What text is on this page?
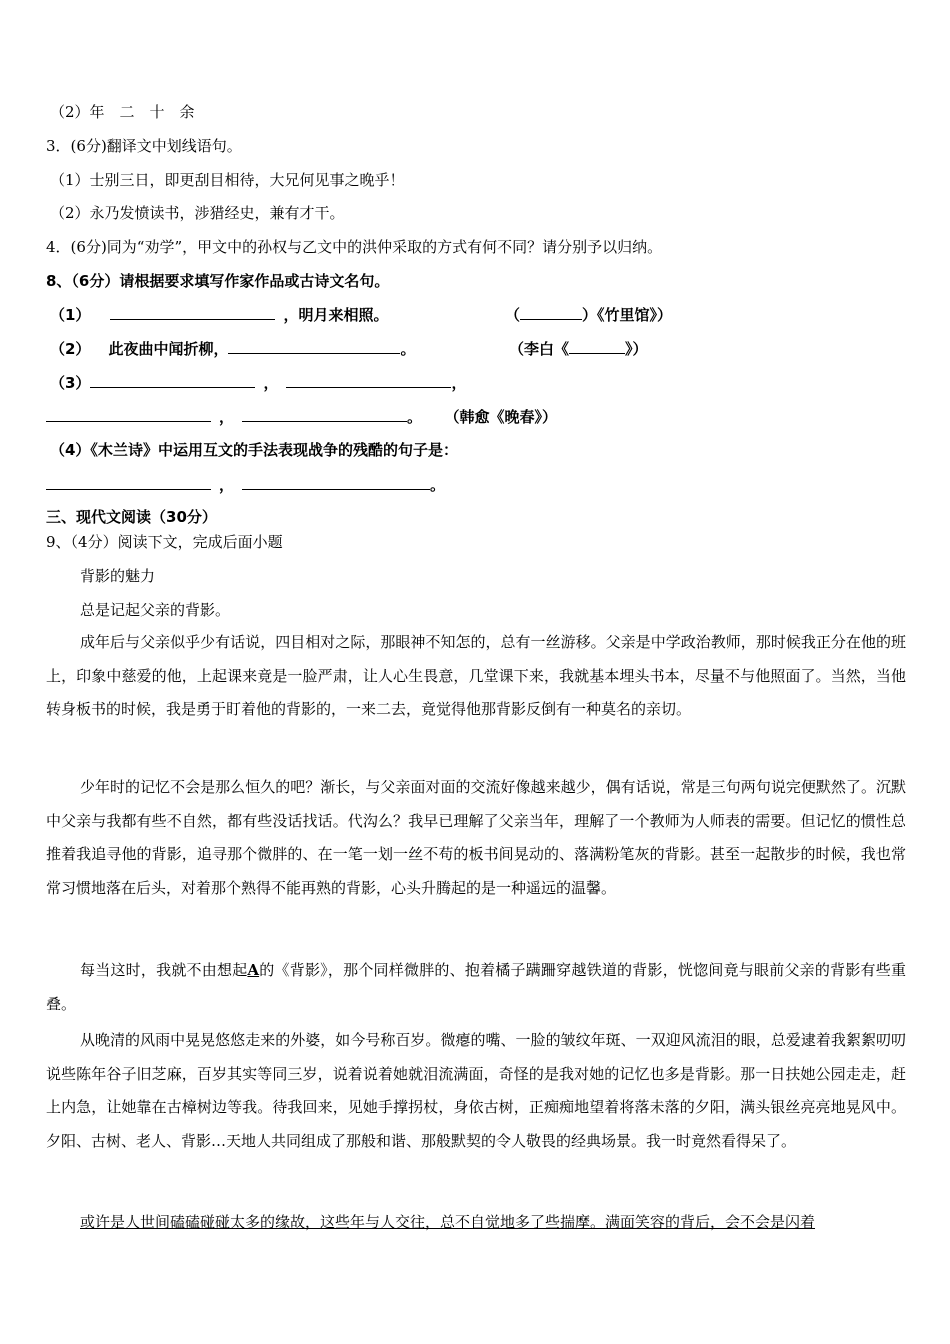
（2）年　二　十　余
3．(6分)翻译文中划线语句。
（1）士别三日，即更刮目相待，大兄何见事之晚乎！
（2）永乃发愤读书，涉猎经史，兼有才干。
4．(6分)同为“劝学”，甲文中的孙权与乙文中的洪仲采取的方式有何不同？请分别予以归纳。
8、（6分）请根据要求填写作家作品或古诗文名句。
（1）	，明月来相照。	（	）《竹里馆》）
（2） 此夜曲中闻折柳，	。	（李白《	》）
（3）	，	，
，	。 （韩愈《晚春》）
（4）《木兰诗》中运用互文的手法表现战争的残酷的句子是：
，	。
三、现代文阅读（30分）
9、（4分）阅读下文，完成后面小题
背影的魅力
总是记起父亲的背影。
成年后与父亲似乎少有话说，四目相对之际，那眼神不知怎的，总有一丝游移。父亲是中学政治教师，那时候我正分在他的班上，印象中慈爱的他，上起课来竟是一脸严肃，让人心生畏意，几堂课下来，我就基本埋头书本，尽量不与他照面了。当然，当他转身板书的时候，我是勇于盯着他的背影的，一来二去，竟觉得他那背影反倒有一种莫名的亲切。
少年时的记忆不会是那么恒久的吧？渐长，与父亲面对面的交流好像越来越少，偶有话说，常是三句两句说完便默然了。沉默中父亲与我都有些不自然，都有些没话找话。代沟么？我早已理解了父亲当年，理解了一个教师为人师表的需要。但记忆的惯性总推着我追寻他的背影，追寻那个微胖的、在一笔一划一丝不苟的板书间晃动的、落满粉笔灰的背影。甚至一起散步的时候，我也常常习惯地落在后头，对着那个熟得不能再熟的背影，心头升腾起的是一种遥远的温馨。
每当这时，我就不由想起A的《背影》，那个同样微胖的、抱着橘子蹒跚穿越铁道的背影，恍惚间竟与眼前父亲的背影有些重叠。
从晚清的风雨中晃晃悠悠走来的外婆，如今号称百岁。微瘪的嘴、一脸的皱纹年斑、一双迎风流泪的眼，总爱逮着我絮絮叨叨说些陈年谷子旧芝麻，百岁其实等同三岁，说着说着她就泪流满面，奇怪的是我对她的记忆也多是背影。那一日扶她公园走走，赶上内急，让她靠在古樟树边等我。待我回来，见她手撑拐杖，身依古树，正痴痴地望着将落未落的夕阳，满头银丝亮亮地晃风中。夕阳、古树、老人、背影…天地人共同组成了那般和谐、那般默契的令人敬畏的经典场景。我一时竟然看得呆了。
或许是人世间磕磕碰碰太多的缘故，这些年与人交往，总不自觉地多了些揣摩。满面笑容的背后，会不会是闪着
